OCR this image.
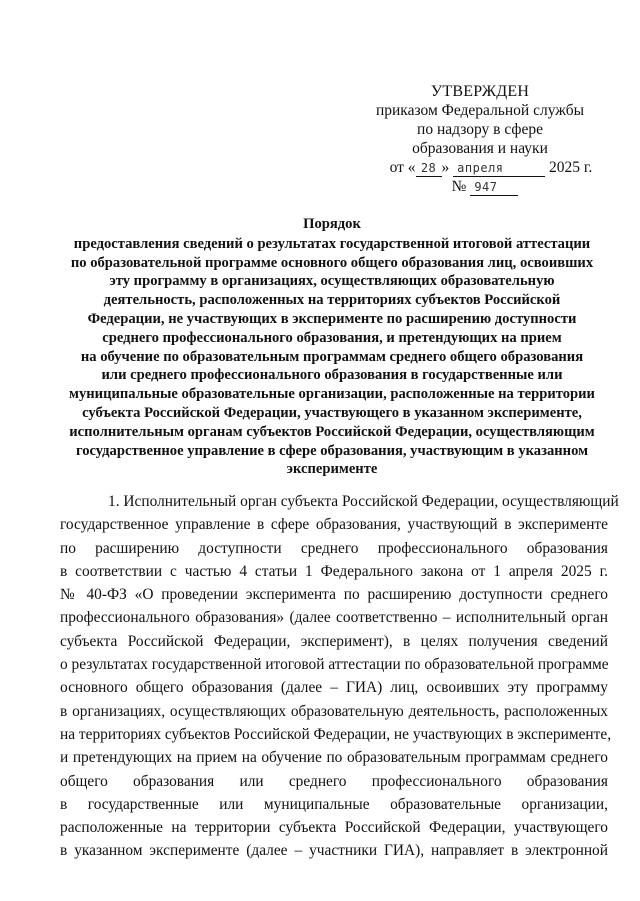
УТВЕРЖДЕН
приказом Федеральной службы
по надзору в сфере
образования и науки
от « 28 » апреля	2025 г.
№ 947
Порядок
предоставления сведений о результатах государственной итоговой аттестации
по образовательной программе основного общего образования лиц, освоивших
эту программу в организациях, осуществляющих образовательную
деятельность, расположенных на территориях субъектов Российской
Федерации, не участвующих в эксперименте по расширению доступности
среднего профессионального образования, и претендующих на прием
на обучение по образовательным программам среднего общего образования
или среднего профессионального образования в государственные или
муниципальные образовательные организации, расположенные на территории
субъекта Российской Федерации, участвующего в указанном эксперименте,
исполнительным органам субъектов Российской Федерации, осуществляющим
государственное управление в сфере образования, участвующим в указанном
эксперименте
1. Исполнительный орган субъекта Российской Федерации, осуществляющий
государственное управление в сфере образования, участвующий в эксперименте
по расширению доступности среднего профессионального образования
в соответствии с частью 4 статьи 1 Федерального закона от 1 апреля 2025 г.
№ 40-ФЗ «О проведении эксперимента по расширению доступности среднего
профессионального образования» (далее соответственно – исполнительный орган
субъекта Российской Федерации, эксперимент), в целях получения сведений
о результатах государственной итоговой аттестации по образовательной программе
основного общего образования (далее – ГИА) лиц, освоивших эту программу
в организациях, осуществляющих образовательную деятельность, расположенных
на территориях субъектов Российской Федерации, не участвующих в эксперименте,
и претендующих на прием на обучение по образовательным программам среднего
общего образования или среднего профессионального образования
в государственные или муниципальные образовательные организации,
расположенные на территории субъекта Российской Федерации, участвующего
в указанном эксперименте (далее – участники ГИА), направляет в электронной
